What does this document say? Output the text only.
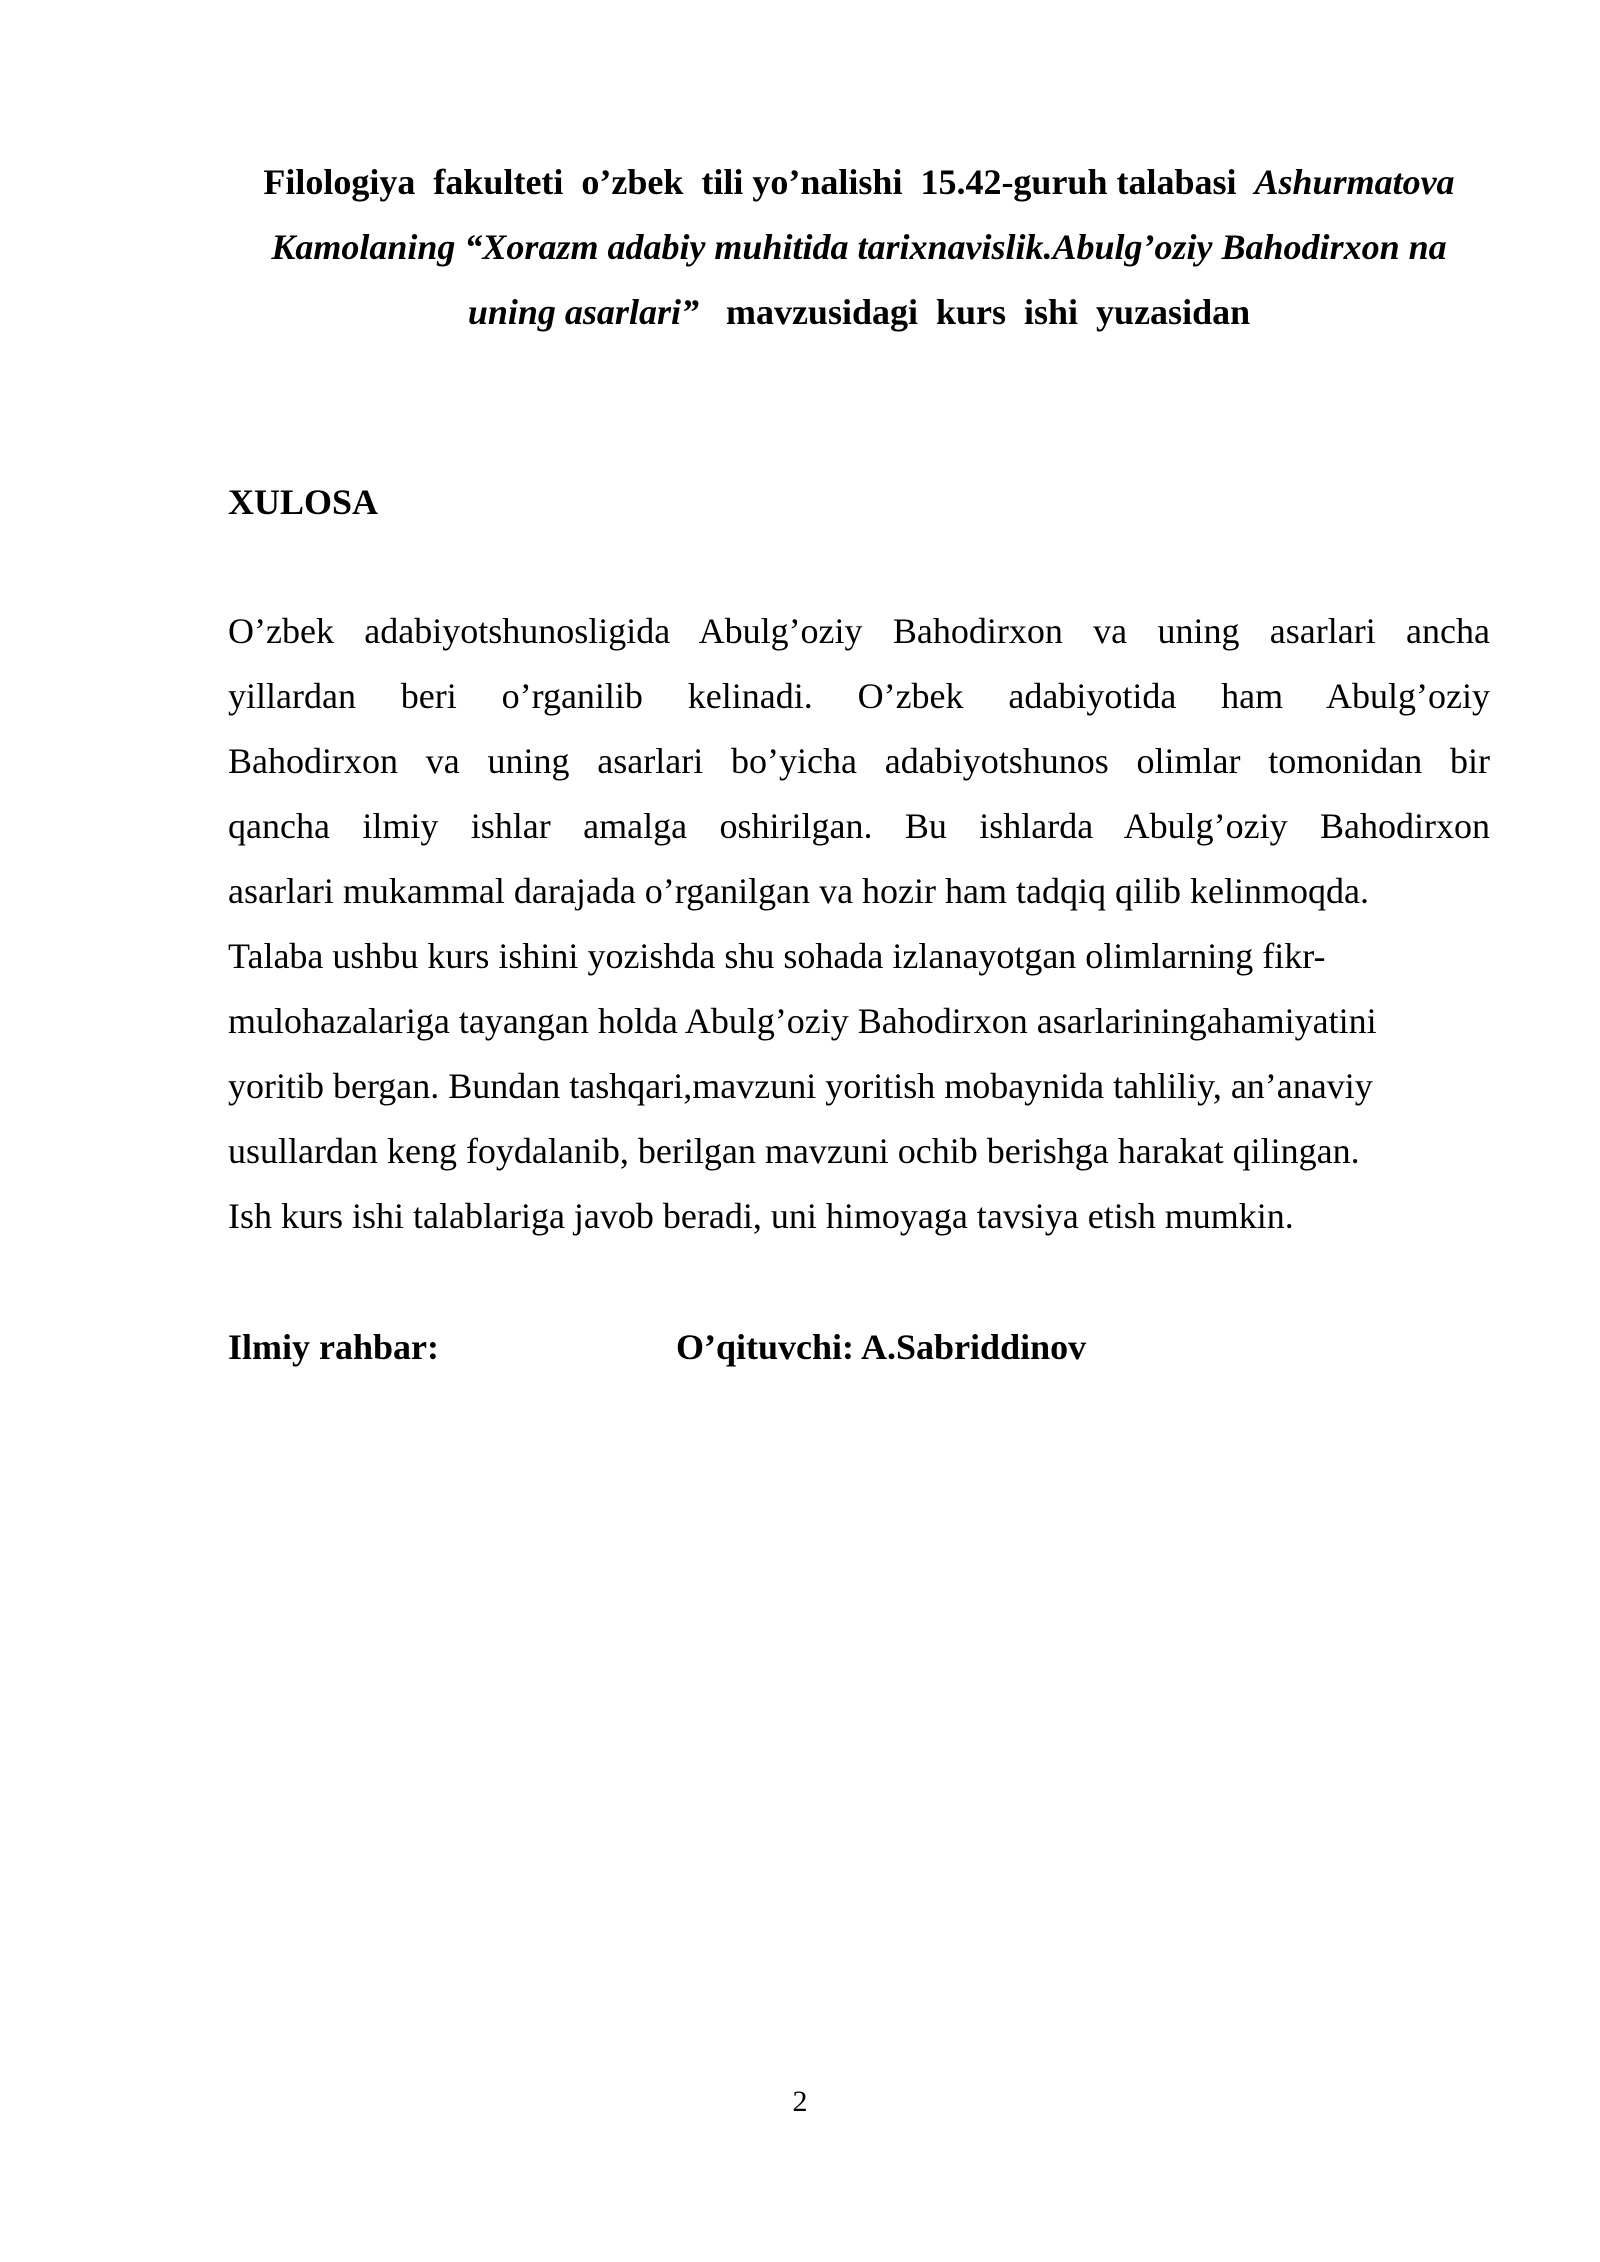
Filologiya  fakulteti  o’zbek  tili yo’nalishi  15.42-guruh talabasi  Ashurmatova
Kamolaning “Xorazm adabiy muhitida tarixnavislik.Abulg’oziy Bahodirxon na
uning asarlari”   mavzusidagi  kurs  ishi  yuzasidan
XULOSA
O’zbek adabiyotshunosligida Abulg’oziy Bahodirxon va uning asarlari ancha
yillardan beri o’rganilib kelinadi. O’zbek adabiyotida ham Abulg’oziy
Bahodirxon va uning asarlari bo’yicha adabiyotshunos olimlar tomonidan bir
qancha ilmiy ishlar amalga oshirilgan. Bu ishlarda Abulg’oziy Bahodirxon
asarlari mukammal darajada o’rganilgan va hozir ham tadqiq qilib kelinmoqda.
Talaba ushbu kurs ishini yozishda shu sohada izlanayotgan olimlarning fikr-
mulohazalariga tayangan holda Abulg’oziy Bahodirxon asarlariningahamiyatini
yoritib bergan. Bundan tashqari,mavzuni yoritish mobaynida tahliliy, an’anaviy
usullardan keng foydalanib, berilgan mavzuni ochib berishga harakat qilingan.
Ish kurs ishi talablariga javob beradi, uni himoyaga tavsiya etish mumkin.
Ilmiy rahbar:	O’qituvchi: A.Sabriddinov
2
